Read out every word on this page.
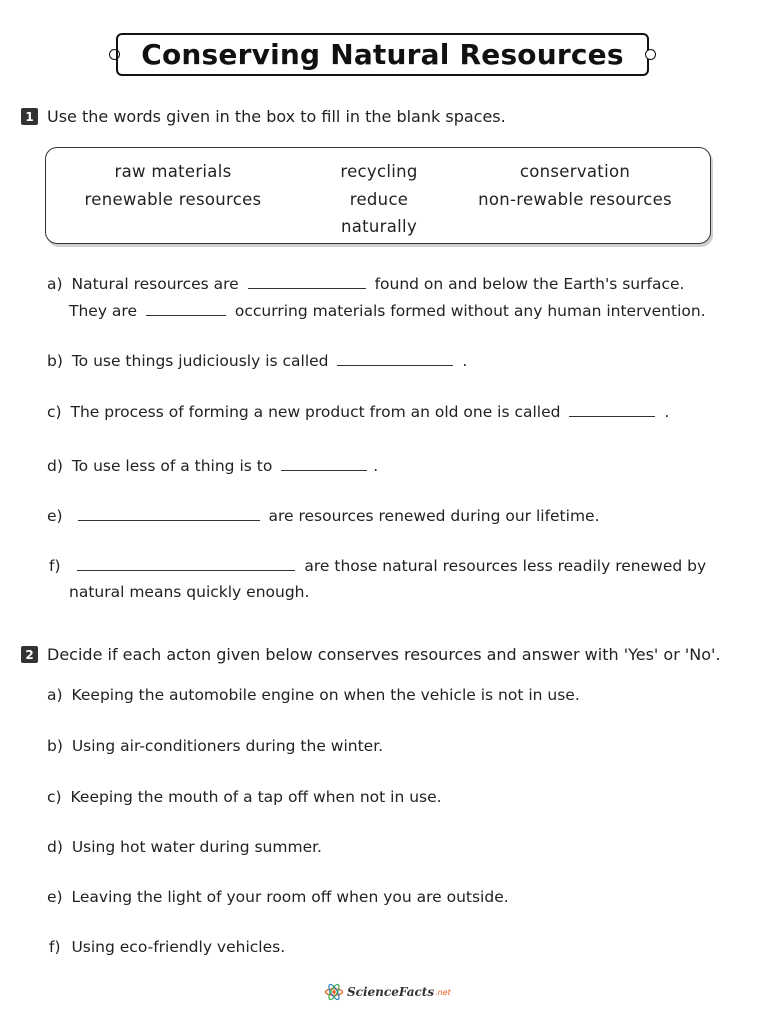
Conserving Natural Resources
1 Use the words given in the box to fill in the blank spaces.
raw materials
renewable resources
recycling
reduce
naturally
conservation
non-rewable resources
a) Natural resources are	found on and below the Earth's surface.
They are	occurring materials formed without any human intervention.
b) To use things judiciously is called	.
c) The process of forming a new product from an old one is called	.
d) To use less of a thing is to	.
e)	are resources renewed during our lifetime.
f)	are those natural resources less readily renewed by
natural means quickly enough.
2 Decide if each acton given below conserves resources and answer with 'Yes' or 'No'.
a) Keeping the automobile engine on when the vehicle is not in use.
b) Using air-conditioners during the winter.
c) Keeping the mouth of a tap off when not in use.
d) Using hot water during summer.
e) Leaving the light of your room off when you are outside.
f) Using eco-friendly vehicles.
ScienceFacts .net
